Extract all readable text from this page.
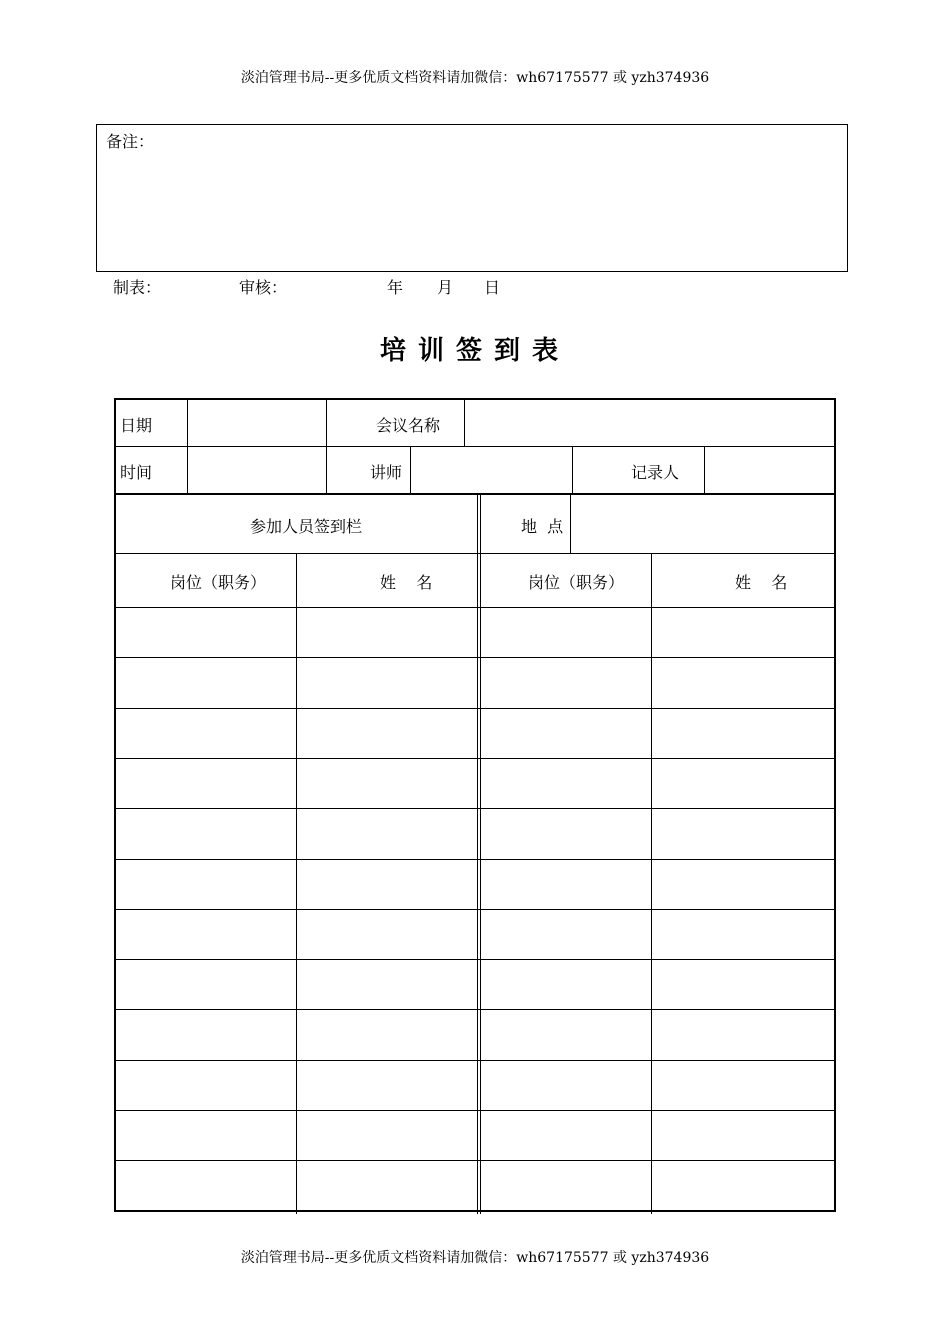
淡泊管理书局--更多优质文档资料请加微信：wh67175577 或 yzh374936
备注：
制表：	审核：	年 月 日
培训签到表
日期	会议名称
时间	讲师	记录人
参加人员签到栏	地  点
岗位（职务）	姓    名	岗位（职务）	姓    名
淡泊管理书局--更多优质文档资料请加微信：wh67175577 或 yzh374936
